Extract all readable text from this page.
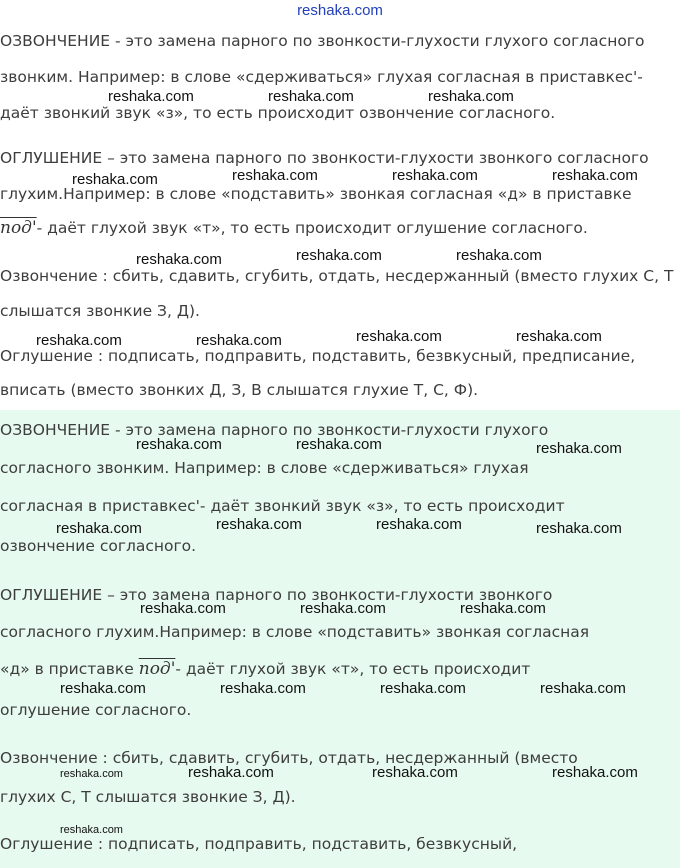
reshaka.com
ОЗВОНЧЕНИЕ - это замена парного по звонкости-глухости глухого согласного
звонким. Например: в слове «сдерживаться» глухая согласная в приставкес'-
даёт звонкий звук «з», то есть происходит озвончение согласного.
ОГЛУШЕНИЕ – это замена парного по звонкости-глухости звонкого согласного
глухим.Например: в слове «подставить» звонкая согласная «д» в приставке
под'- даёт глухой звук «т», то есть происходит оглушение согласного.
Озвончение : сбить, сдавить, сгубить, отдать, несдержанный (вместо глухих С, Т
слышатся звонкие З, Д).
Оглушение : подписать, подправить, подставить, безвкусный, предписание,
вписать (вместо звонких Д, З, В слышатся глухие Т, С, Ф).
ОЗВОНЧЕНИЕ - это замена парного по звонкости-глухости глухого
согласного звонким. Например: в слове «сдерживаться» глухая
согласная в приставкес'- даёт звонкий звук «з», то есть происходит
озвончение согласного.
ОГЛУШЕНИЕ – это замена парного по звонкости-глухости звонкого
согласного глухим.Например: в слове «подставить» звонкая согласная
«д» в приставке под'- даёт глухой звук «т», то есть происходит
оглушение согласного.
Озвончение : сбить, сдавить, сгубить, отдать, несдержанный (вместо
глухих С, Т слышатся звонкие З, Д).
Оглушение : подписать, подправить, подставить, безвкусный,
reshaka.com	reshaka.com	reshaka.com
reshaka.com	reshaka.com	reshaka.com	reshaka.com
reshaka.com	reshaka.com	reshaka.com
reshaka.com	reshaka.com	reshaka.com	reshaka.com
reshaka.com	reshaka.com	reshaka.com
reshaka.com	reshaka.com	reshaka.com	reshaka.com
reshaka.com	reshaka.com	reshaka.com
reshaka.com	reshaka.com	reshaka.com	reshaka.com
reshaka.com	reshaka.com	reshaka.com	reshaka.com
reshaka.com
